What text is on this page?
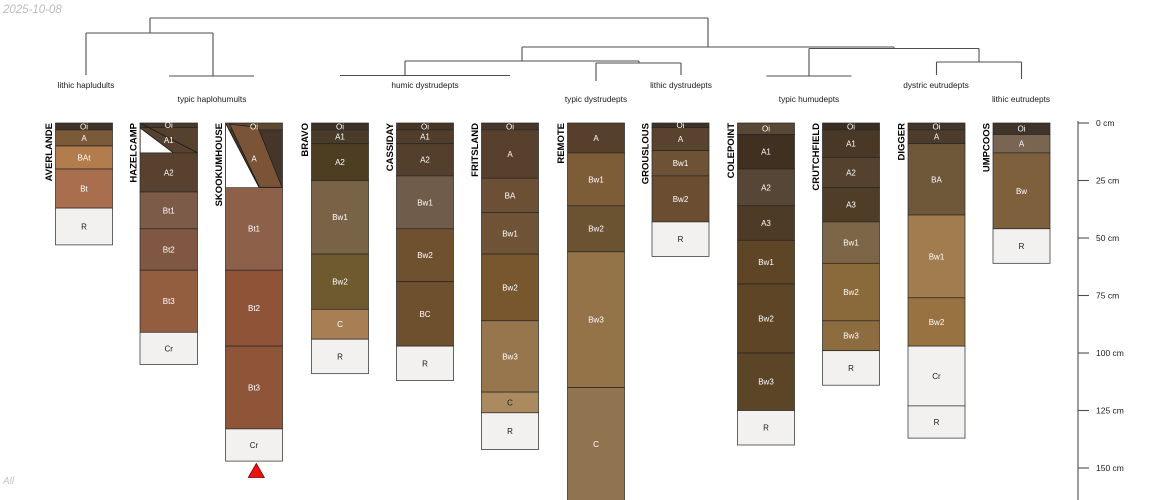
lithic hapludults
typic haplohumults
humic dystrudepts
typic dystrudepts
lithic dystrudepts
typic humudepts
dystric eutrudepts
lithic eutrudepts
Oi
A
BAt
Bt
R
AVERLANDE	Oi
A1
A2
Bt1
Bt2
Bt3
Cr
HAZELCAMP	Oi
A
Bt1
Bt2
Bt3
Cr
SKOOKUMHOUSE	Oi
A1
A2
Bw1
Bw2
C
R
BRAVO	Oi
A1
A2
Bw1
Bw2
BC
R
CASSIDAY	Oi
A
BA
Bw1
Bw2
Bw3
C
R
FRITSLAND	A
Bw1
Bw2
Bw3
C
REMOTE	Oi
A
Bw1
Bw2
R
GROUSLOUS	Oi
A1
A2
A3
Bw1
Bw2
Bw3
R
COLEPOINT	Oi
A1
A2
A3
Bw1
Bw2
Bw3
R
CRUTCHFIELD	Oi
A
BA
Bw1
Bw2
Cr
R
DIGGER	Oi
A
Bw
R
UMPCOOS	0 cm
25 cm
50 cm
75 cm
100 cm
125 cm
150 cm
2025-10-08
All
